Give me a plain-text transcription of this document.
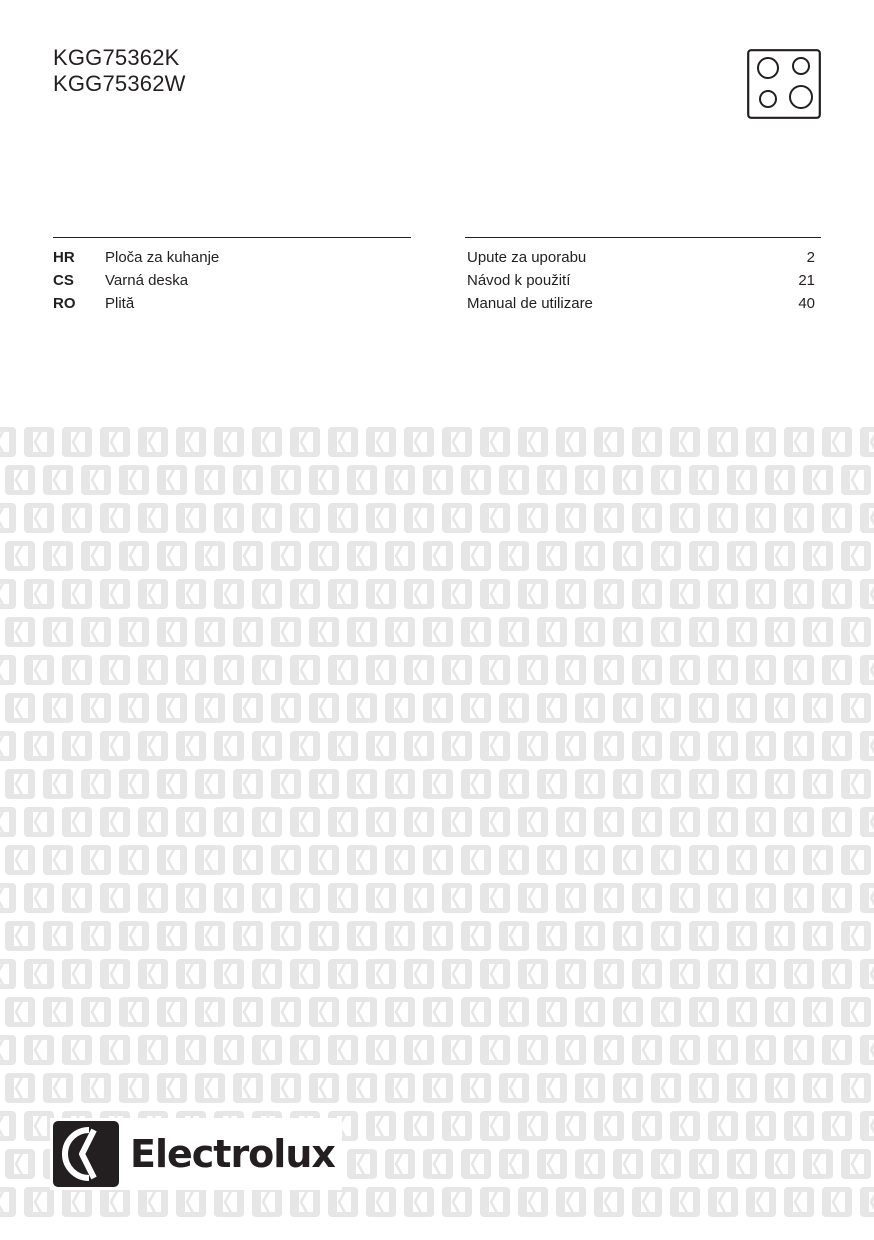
KGG75362K
KGG75362W
HR Ploča za kuhanje
CS Varná deska
RO Plită
Upute za uporabu	2
Návod k použití	21
Manual de utilizare	40
Electrolux
